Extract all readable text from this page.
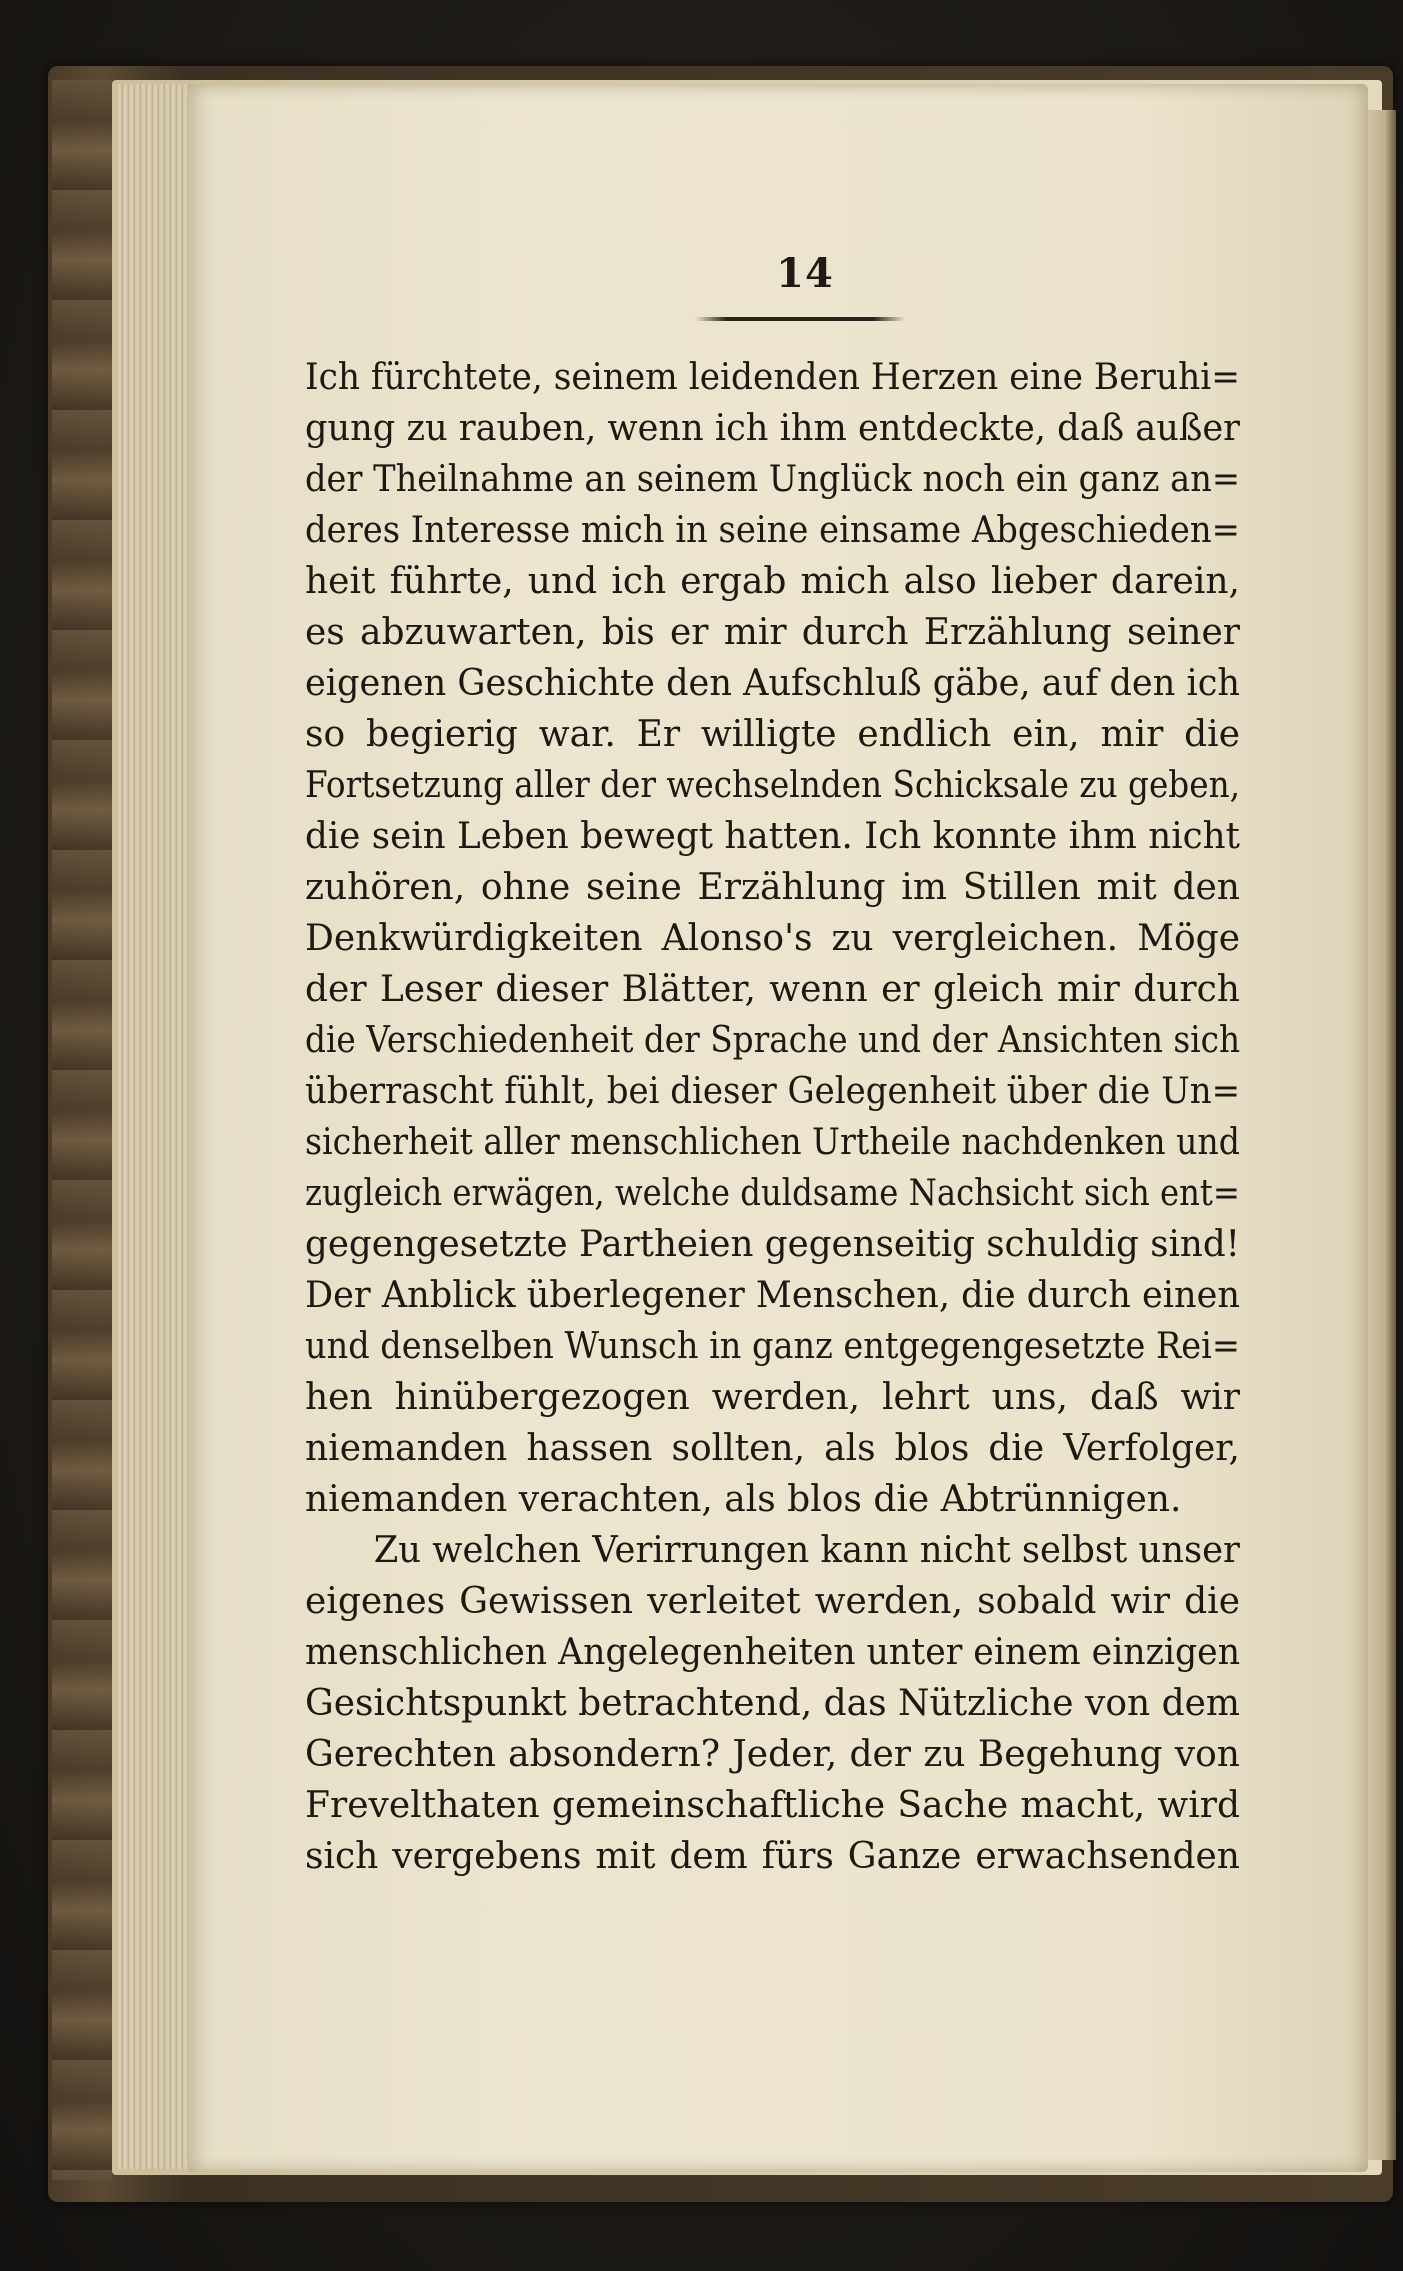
14
Ich fürchtete, seinem leidenden Herzen eine Beruhi=
gung zu rauben, wenn ich ihm entdeckte, daß außer
der Theilnahme an seinem Unglück noch ein ganz an=
deres Interesse mich in seine einsame Abgeschieden=
heit führte, und ich ergab mich also lieber darein,
es abzuwarten, bis er mir durch Erzählung seiner
eigenen Geschichte den Aufschluß gäbe, auf den ich
so begierig war. Er willigte endlich ein, mir die
Fortsetzung aller der wechselnden Schicksale zu geben,
die sein Leben bewegt hatten. Ich konnte ihm nicht
zuhören, ohne seine Erzählung im Stillen mit den
Denkwürdigkeiten Alonso's zu vergleichen. Möge
der Leser dieser Blätter, wenn er gleich mir durch
die Verschiedenheit der Sprache und der Ansichten sich
überrascht fühlt, bei dieser Gelegenheit über die Un=
sicherheit aller menschlichen Urtheile nachdenken und
zugleich erwägen, welche duldsame Nachsicht sich ent=
gegengesetzte Partheien gegenseitig schuldig sind!
Der Anblick überlegener Menschen, die durch einen
und denselben Wunsch in ganz entgegengesetzte Rei=
hen hinübergezogen werden, lehrt uns, daß wir
niemanden hassen sollten, als blos die Verfolger,
niemanden verachten, als blos die Abtrünnigen.
Zu welchen Verirrungen kann nicht selbst unser
eigenes Gewissen verleitet werden, sobald wir die
menschlichen Angelegenheiten unter einem einzigen
Gesichtspunkt betrachtend, das Nützliche von dem
Gerechten absondern? Jeder, der zu Begehung von
Frevelthaten gemeinschaftliche Sache macht, wird
sich vergebens mit dem fürs Ganze erwachsenden
